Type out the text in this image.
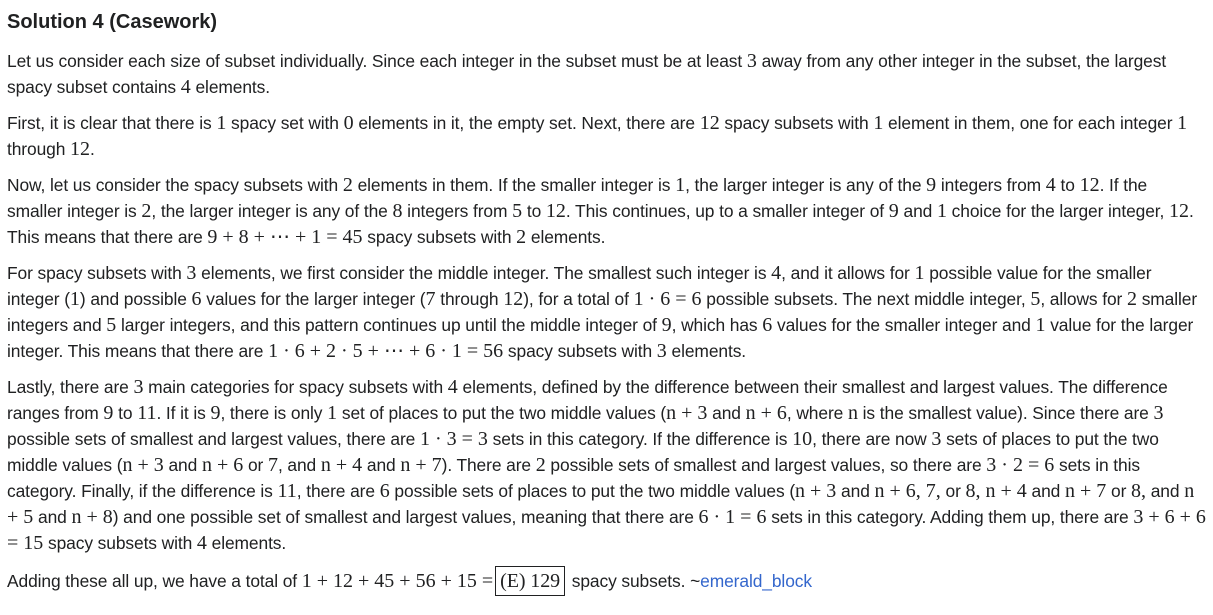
Solution 4 (Casework)

Let us consider each size of subset individually. Since each integer in the subset must be at least 3 away from any other integer in the subset, the largest spacy subset contains 4 elements.

First, it is clear that there is 1 spacy set with 0 elements in it, the empty set. Next, there are 12 spacy subsets with 1 element in them, one for each integer 1 through 12.

Now, let us consider the spacy subsets with 2 elements in them. If the smaller integer is 1, the larger integer is any of the 9 integers from 4 to 12. If the smaller integer is 2, the larger integer is any of the 8 integers from 5 to 12. This continues, up to a smaller integer of 9 and 1 choice for the larger integer, 12. This means that there are 9 + 8 + ⋯ + 1 = 45 spacy subsets with 2 elements.

For spacy subsets with 3 elements, we first consider the middle integer. The smallest such integer is 4, and it allows for 1 possible value for the smaller integer (1) and possible 6 values for the larger integer (7 through 12), for a total of 1 · 6 = 6 possible subsets. The next middle integer, 5, allows for 2 smaller integers and 5 larger integers, and this pattern continues up until the middle integer of 9, which has 6 values for the smaller integer and 1 value for the larger integer. This means that there are 1 · 6 + 2 · 5 + ⋯ + 6 · 1 = 56 spacy subsets with 3 elements.

Lastly, there are 3 main categories for spacy subsets with 4 elements, defined by the difference between their smallest and largest values. The difference ranges from 9 to 11. If it is 9, there is only 1 set of places to put the two middle values (n + 3 and n + 6, where n is the smallest value). Since there are 3 possible sets of smallest and largest values, there are 1 · 3 = 3 sets in this category. If the difference is 10, there are now 3 sets of places to put the two middle values (n + 3 and n + 6 or 7, and n + 4 and n + 7). There are 2 possible sets of smallest and largest values, so there are 3 · 2 = 6 sets in this category. Finally, if the difference is 11, there are 6 possible sets of places to put the two middle values (n + 3 and n + 6, 7, or 8, n + 4 and n + 7 or 8, and n + 5 and n + 8) and one possible set of smallest and largest values, meaning that there are 6 · 1 = 6 sets in this category. Adding them up, there are 3 + 6 + 6 = 15 spacy subsets with 4 elements.

Adding these all up, we have a total of 1 + 12 + 45 + 56 + 15 = (E) 129 spacy subsets. ~emerald_block
